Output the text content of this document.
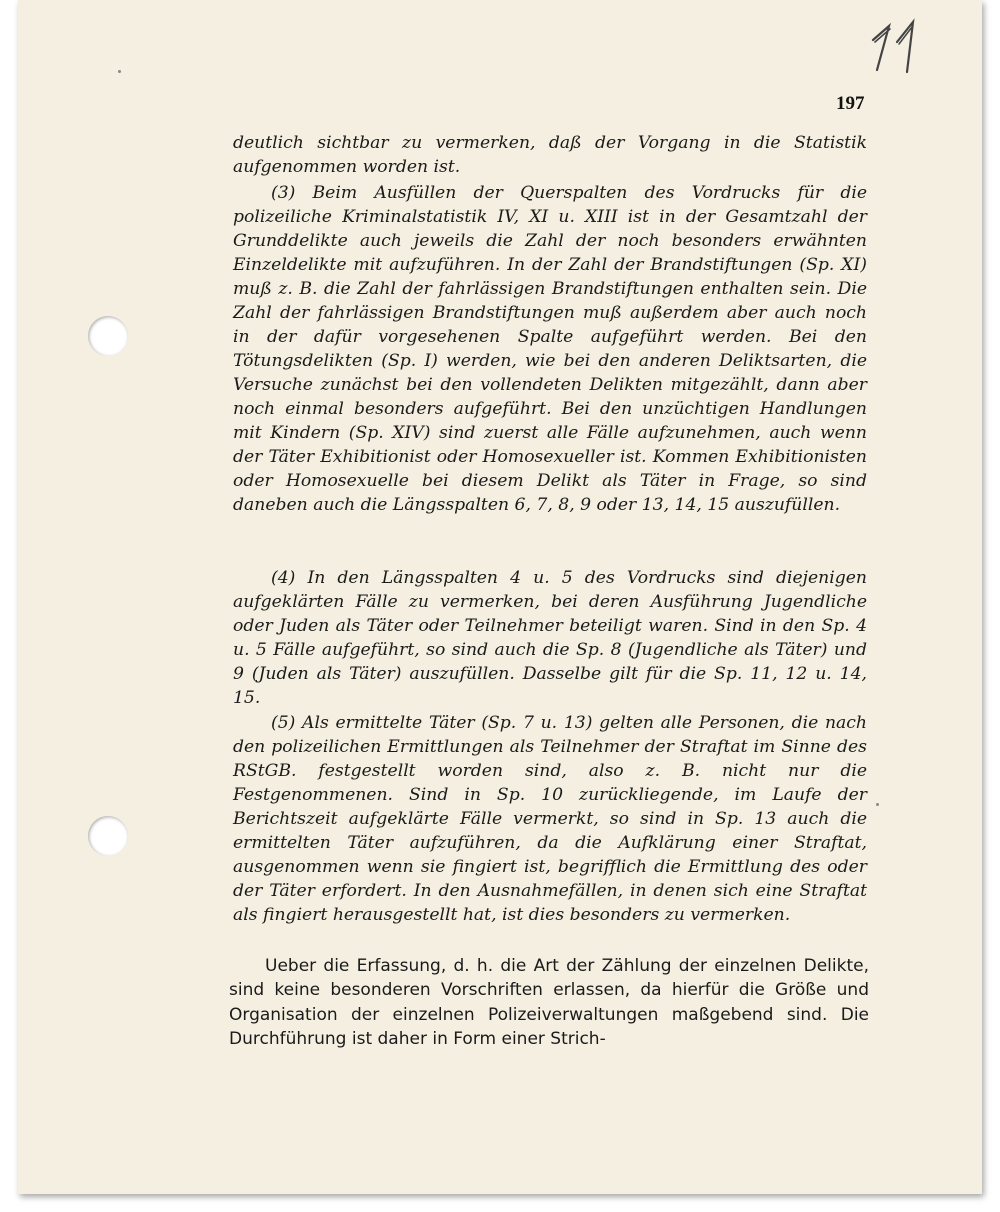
197

deutlich sichtbar zu vermerken, daß der Vorgang in die Statistik aufgenommen worden ist.

(3) Beim Ausfüllen der Querspalten des Vordrucks für die polizeiliche Kriminalstatistik IV, XI u. XIII ist in der Gesamtzahl der Grunddelikte auch jeweils die Zahl der noch besonders erwähnten Einzeldelikte mit aufzuführen. In der Zahl der Brandstiftungen (Sp. XI) muß z. B. die Zahl der fahrlässigen Brandstiftungen enthalten sein. Die Zahl der fahrlässigen Brandstiftungen muß außerdem aber auch noch in der dafür vorgesehenen Spalte aufgeführt werden. Bei den Tötungsdelikten (Sp. I) werden, wie bei den anderen Deliktsarten, die Versuche zunächst bei den vollendeten Delikten mitgezählt, dann aber noch einmal besonders aufgeführt. Bei den unzüchtigen Handlungen mit Kindern (Sp. XIV) sind zuerst alle Fälle aufzunehmen, auch wenn der Täter Exhibitionist oder Homosexueller ist. Kommen Exhibitionisten oder Homosexuelle bei diesem Delikt als Täter in Frage, so sind daneben auch die Längsspalten 6, 7, 8, 9 oder 13, 14, 15 auszufüllen.

(4) In den Längsspalten 4 u. 5 des Vordrucks sind diejenigen aufgeklärten Fälle zu vermerken, bei deren Ausführung Jugendliche oder Juden als Täter oder Teilnehmer beteiligt waren. Sind in den Sp. 4 u. 5 Fälle aufgeführt, so sind auch die Sp. 8 (Jugendliche als Täter) und 9 (Juden als Täter) auszufüllen. Dasselbe gilt für die Sp. 11, 12 u. 14, 15.

(5) Als ermittelte Täter (Sp. 7 u. 13) gelten alle Personen, die nach den polizeilichen Ermittlungen als Teilnehmer der Straftat im Sinne des RStGB. festgestellt worden sind, also z. B. nicht nur die Festgenommenen. Sind in Sp. 10 zurückliegende, im Laufe der Berichtszeit aufgeklärte Fälle vermerkt, so sind in Sp. 13 auch die ermittelten Täter aufzuführen, da die Aufklärung einer Straftat, ausgenommen wenn sie fingiert ist, begrifflich die Ermittlung des oder der Täter erfordert. In den Ausnahmefällen, in denen sich eine Straftat als fingiert herausgestellt hat, ist dies besonders zu vermerken.

Ueber die Erfassung, d. h. die Art der Zählung der einzelnen Delikte, sind keine besonderen Vorschriften erlassen, da hierfür die Größe und Organisation der einzelnen Polizeiverwaltungen maßgebend sind. Die Durchführung ist daher in Form einer Strich-
